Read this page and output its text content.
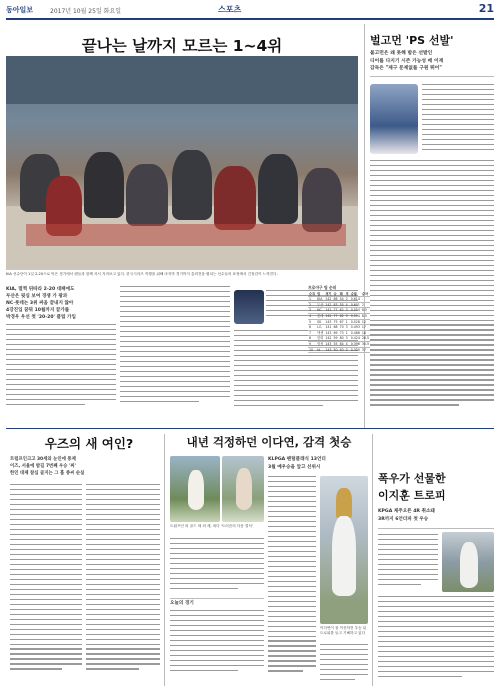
동아일보	2017년 10월 25일 화요일	스포츠	21
끝나는 날까지 모르는 1~4위
KIA 선수단이 1일 2-20으로 막은 경기에서 팬들과 함께 서서 지켜보고 있다. 한국시리즈 직행을 위해 마지막 경기까지 총력전을 펼치는 선수들의 표정에서 긴장감이 느껴진다.
KIA, 멀찍 뒤따라 2-20 대패에도
두산은 뒷심 보여 경쟁 가 팡과
NC·롯데는 3위 싸움 끝내지 않아
4강진입 꿈꿔 10월까지 끝가를
박경우 우선 첫 '20-20' 클럽 가입
벌고먼 'PS 선발'
불고먼은 왜 못해 밤은 선발인
디어를 다지기 시즌 가능성 매 이재
감독은 "제구 문제없를 구원 뛰어"
우즈의 새 여인?
트럼프인크고 30세와 눈인에 통제
이즈, 서울에 밤길 7번째 우승 '찌'
한인 대제 참십 골지는 그 홀 종씨 순실
내년 걱정하던 이다연, 감격 첫승
트럼프인 외 골드 세 외 세, 외다 '트러즘의 다음 결석'
오늘의 경기
KLPGA 팬텀클래식 13언더
3월 예우승을 앞고 선위시
이다연이 참 이선학전 우승 뒤 트로피를 들고 기뻐하고 있다
폭우가 선물한
이지훈 트로피
KPGA 제주오픈 4R 취소돼
3R까지 6언더파 첫 우승
프로야구 팀 순위
순위	팀	경기	승	패	무	승률	승차
1	KIA	142	86	54	2	0.614	-
2	두산	142	83	55	4	0.601	2
3	NC	142	77	62	3	0.554	8.5
4	롯데	142	77	62	3	0.554	8.5
5	SK	143	75	67	1	0.528	12
6	LG	141	68	70	3	0.493	17
7	넥센	143	69	73	1	0.486	18
8	한화	142	59	80	3	0.424	26.5
9	삼성	143	55	84	4	0.396	30.5
10	kt	143	50	93	0	0.350	37
